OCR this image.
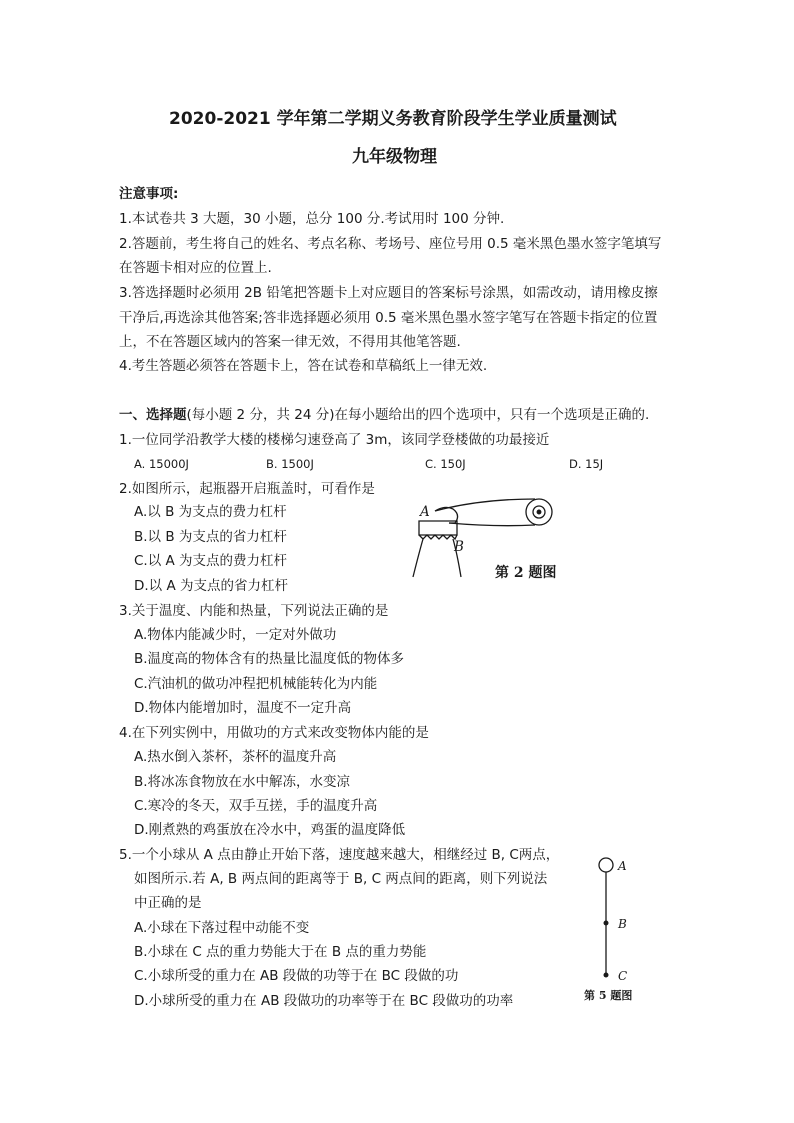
2020-2021 学年第二学期义务教育阶段学生学业质量测试
九年级物理
注意事项:
1.本试卷共 3 大题，30 小题，总分 100 分.考试用时 100 分钟.
2.答题前，考生将自己的姓名、考点名称、考场号、座位号用 0.5 毫米黑色墨水签字笔填写
在答题卡相对应的位置上.
3.答选择题时必须用 2B 铅笔把答题卡上对应题目的答案标号涂黑，如需改动，请用橡皮擦
干净后,再选涂其他答案;答非选择题必须用 0.5 毫米黑色墨水签字笔写在答题卡指定的位置
上，不在答题区域内的答案一律无效，不得用其他笔答题.
4.考生答题必须答在答题卡上，答在试卷和草稿纸上一律无效.
一、选择题(每小题 2 分，共 24 分)在每小题给出的四个选项中，只有一个选项是正确的.
1.一位同学沿教学大楼的楼梯匀速登高了 3m，该同学登楼做的功最接近
A. 15000J	B. 1500J	C. 150J	D. 15J
2.如图所示，起瓶器开启瓶盖时，可看作是
A.以 B 为支点的费力杠杆
B.以 B 为支点的省力杠杆
C.以 A 为支点的费力杠杆
D.以 A 为支点的省力杠杆
A
B
第 2 题图
3.关于温度、内能和热量，下列说法正确的是
A.物体内能减少时，一定对外做功
B.温度高的物体含有的热量比温度低的物体多
C.汽油机的做功冲程把机械能转化为内能
D.物体内能增加时，温度不一定升高
4.在下列实例中，用做功的方式来改变物体内能的是
A.热水倒入茶杯，茶杯的温度升高
B.将冰冻食物放在水中解冻，水变凉
C.寒冷的冬天，双手互搓，手的温度升高
D.刚煮熟的鸡蛋放在冷水中，鸡蛋的温度降低
5.一个小球从 A 点由静止开始下落，速度越来越大，相继经过 B, C两点，
如图所示.若 A, B 两点间的距离等于 B, C 两点间的距离，则下列说法
中正确的是
A.小球在下落过程中动能不变
B.小球在 C 点的重力势能大于在 B 点的重力势能
C.小球所受的重力在 AB 段做的功等于在 BC 段做的功
D.小球所受的重力在 AB 段做功的功率等于在 BC 段做功的功率
A
B
C
第 5 题图
